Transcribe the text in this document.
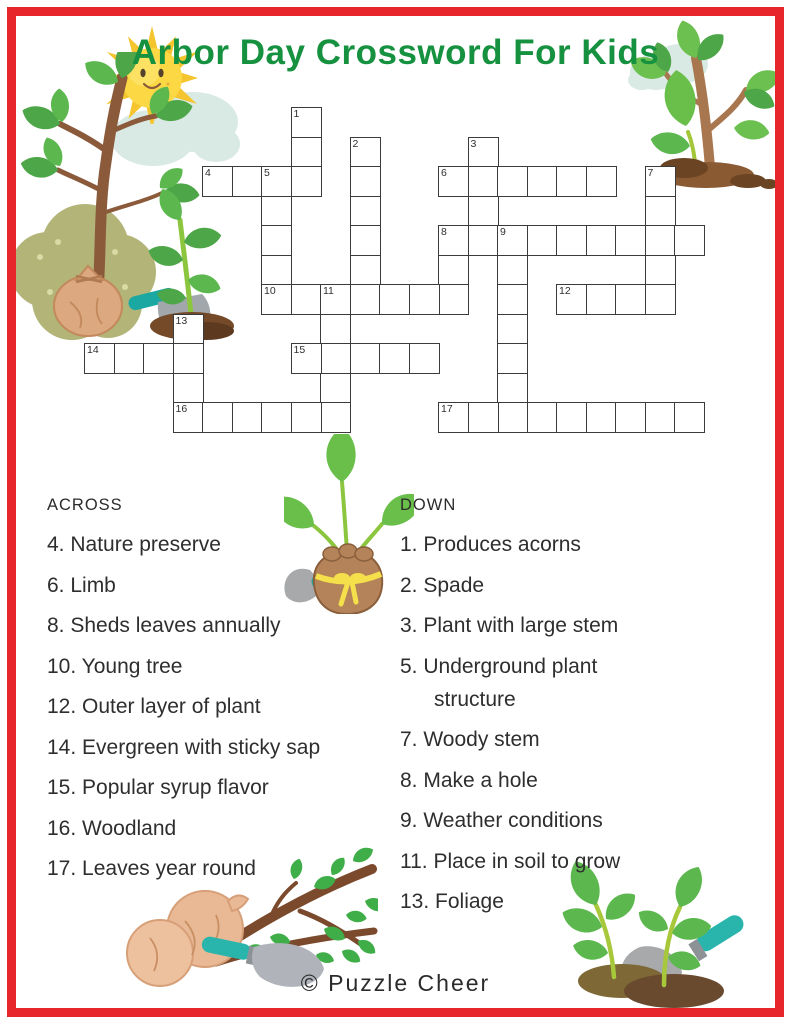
Arbor Day Crossword For Kids
1
2	3
4	5
10
6	7
8	9
11	12
13
16
14	15
17
ACROSS
4. Nature preserve
6. Limb
8. Sheds leaves annually
10. Young tree
12. Outer layer of plant
14. Evergreen with sticky sap
15. Popular syrup flavor
16. Woodland
17. Leaves year round
DOWN
1. Produces acorns
2. Spade
3. Plant with large stem
5. Underground plant structure
7. Woody stem
8. Make a hole
9. Weather conditions
11. Place in soil to grow
13. Foliage
© Puzzle Cheer
